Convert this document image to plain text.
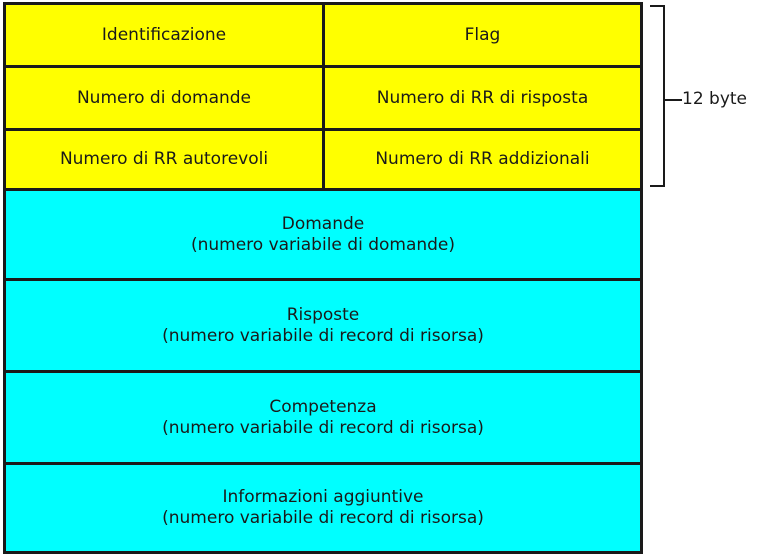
Identificazione	Flag
Numero di domande	Numero di RR di risposta
Numero di RR autorevoli	Numero di RR addizionali
Domande
(numero variabile di domande)
Risposte
(numero variabile di record di risorsa)
Competenza
(numero variabile di record di risorsa)
Informazioni aggiuntive
(numero variabile di record di risorsa)
12 byte
